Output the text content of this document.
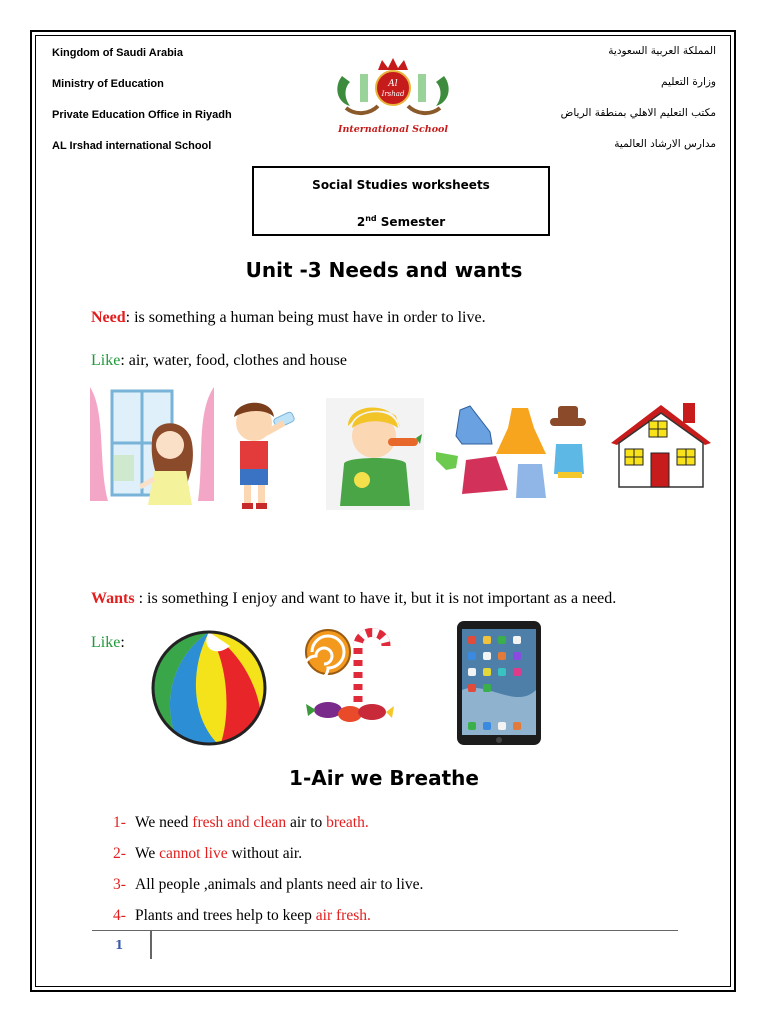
Kingdom of Saudi Arabia
Ministry of Education
Private Education Office in Riyadh
AL Irshad international School
المملكة العربية السعودية
وزارة التعليم
مكتب التعليم الاهلي بمنطقة الرياض
مدارس الارشاد العالمية
Al
Irshad
International School
Social Studies worksheets
2nd Semester
Unit -3 Needs and wants
Need: is something a human being must have in order to live.
Like: air, water, food, clothes and house
Wants : is something I enjoy and want to have it, but it is not important as a need.
Like:
1-Air we Breathe
1- We need fresh and clean air to breath.
2- We cannot live without air.
3- All people ,animals and plants need air to live.
4- Plants and trees help to keep air fresh.
1
